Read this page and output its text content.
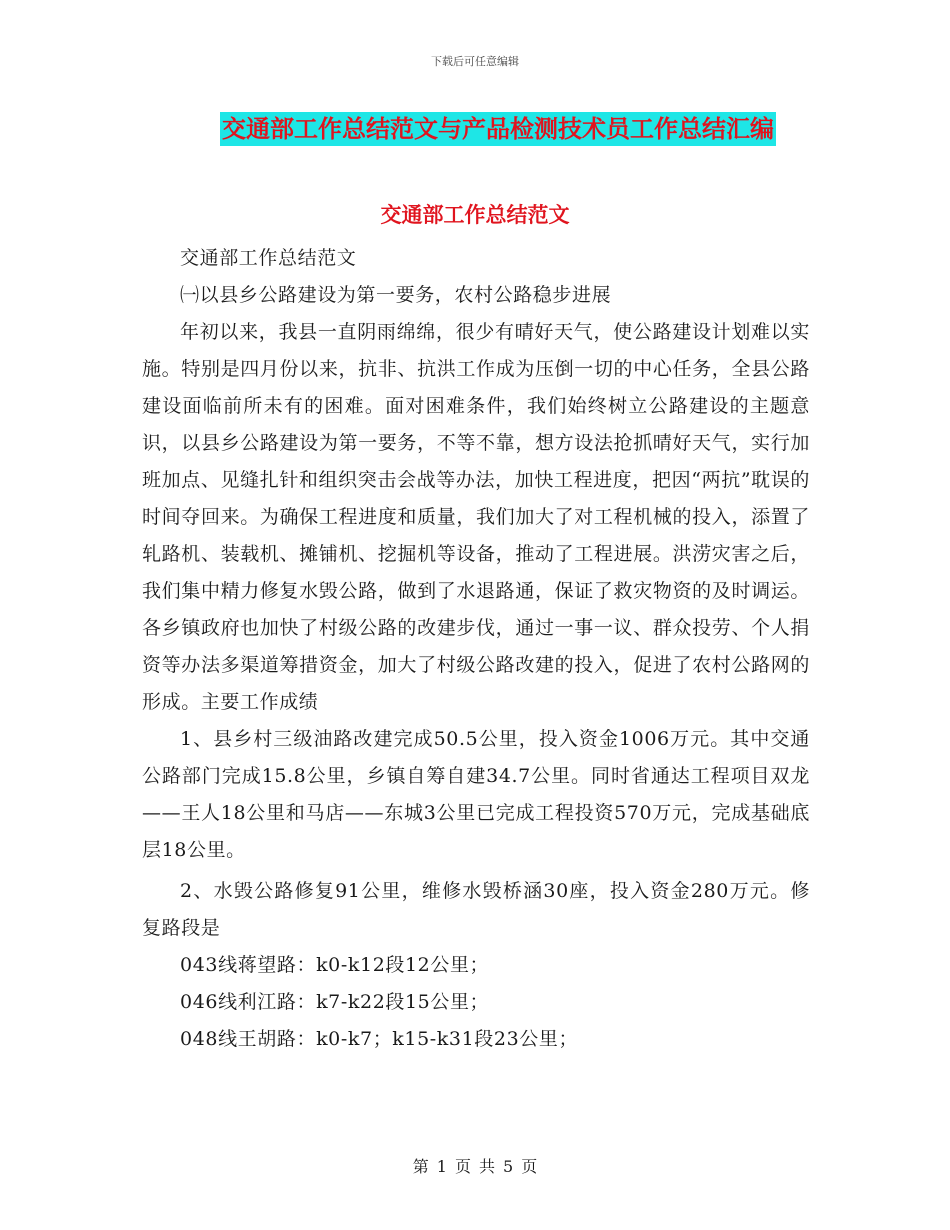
下载后可任意编辑
交通部工作总结范文与产品检测技术员工作总结汇编
交通部工作总结范文

交通部工作总结范文

㈠以县乡公路建设为第一要务，农村公路稳步进展

年初以来，我县一直阴雨绵绵，很少有晴好天气，使公路建设计划难以实施。特别是四月份以来，抗非、抗洪工作成为压倒一切的中心任务，全县公路建设面临前所未有的困难。面对困难条件，我们始终树立公路建设的主题意识，以县乡公路建设为第一要务，不等不靠，想方设法抢抓晴好天气，实行加班加点、见缝扎针和组织突击会战等办法，加快工程进度，把因“两抗”耽误的时间夺回来。为确保工程进度和质量，我们加大了对工程机械的投入，添置了轧路机、装载机、摊铺机、挖掘机等设备，推动了工程进展。洪涝灾害之后，我们集中精力修复水毁公路，做到了水退路通，保证了救灾物资的及时调运。各乡镇政府也加快了村级公路的改建步伐，通过一事一议、群众投劳、个人捐资等办法多渠道筹措资金，加大了村级公路改建的投入，促进了农村公路网的形成。主要工作成绩

1、县乡村三级油路改建完成50.5公里，投入资金1006万元。其中交通公路部门完成15.8公里，乡镇自筹自建34.7公里。同时省通达工程项目双龙——王人18公里和马店——东城3公里已完成工程投资570万元，完成基础底层18公里。

2、水毁公路修复91公里，维修水毁桥涵30座，投入资金280万元。修复路段是

043线蒋望路：k0-k12段12公里；

046线利江路：k7-k22段15公里；

048线王胡路：k0-k7；k15-k31段23公里；

第 1 页 共 5 页
